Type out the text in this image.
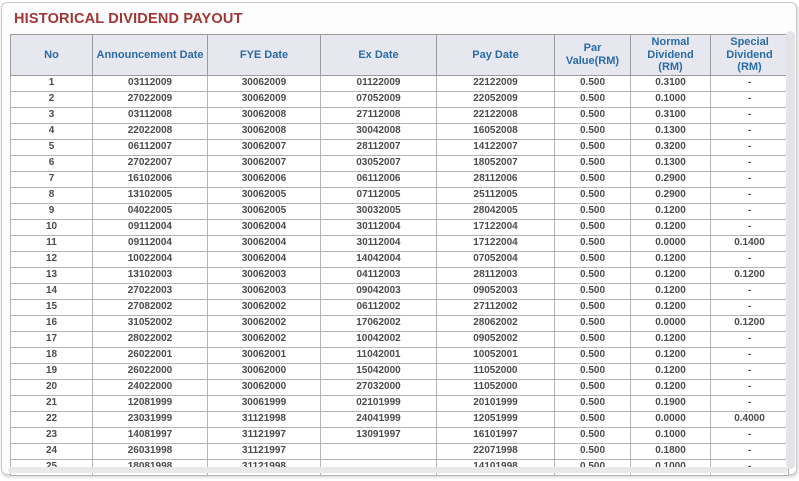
HISTORICAL DIVIDEND PAYOUT
No	Announcement Date	FYE Date	Ex Date	Pay Date	Par Value(RM)	Normal Dividend (RM)	Special Dividend (RM)
1	03112009	30062009	01122009	22122009	0.500	0.3100	-
2	27022009	30062009	07052009	22052009	0.500	0.1000	-
3	03112008	30062008	27112008	22122008	0.500	0.3100	-
4	22022008	30062008	30042008	16052008	0.500	0.1300	-
5	06112007	30062007	28112007	14122007	0.500	0.3200	-
6	27022007	30062007	03052007	18052007	0.500	0.1300	-
7	16102006	30062006	06112006	28112006	0.500	0.2900	-
8	13102005	30062005	07112005	25112005	0.500	0.2900	-
9	04022005	30062005	30032005	28042005	0.500	0.1200	-
10	09112004	30062004	30112004	17122004	0.500	0.1200	-
11	09112004	30062004	30112004	17122004	0.500	0.0000	0.1400
12	10022004	30062004	14042004	07052004	0.500	0.1200	-
13	13102003	30062003	04112003	28112003	0.500	0.1200	0.1200
14	27022003	30062003	09042003	09052003	0.500	0.1200	-
15	27082002	30062002	06112002	27112002	0.500	0.1200	-
16	31052002	30062002	17062002	28062002	0.500	0.0000	0.1200
17	28022002	30062002	10042002	09052002	0.500	0.1200	-
18	26022001	30062001	11042001	10052001	0.500	0.1200	-
19	26022000	30062000	15042000	11052000	0.500	0.1200	-
20	24022000	30062000	27032000	11052000	0.500	0.1200	-
21	12081999	30061999	02101999	20101999	0.500	0.1900	-
22	23031999	31121998	24041999	12051999	0.500	0.0000	0.4000
23	14081997	31121997	13091997	16101997	0.500	0.1000	-
24	26031998	31121997		22071998	0.500	0.1800	-
